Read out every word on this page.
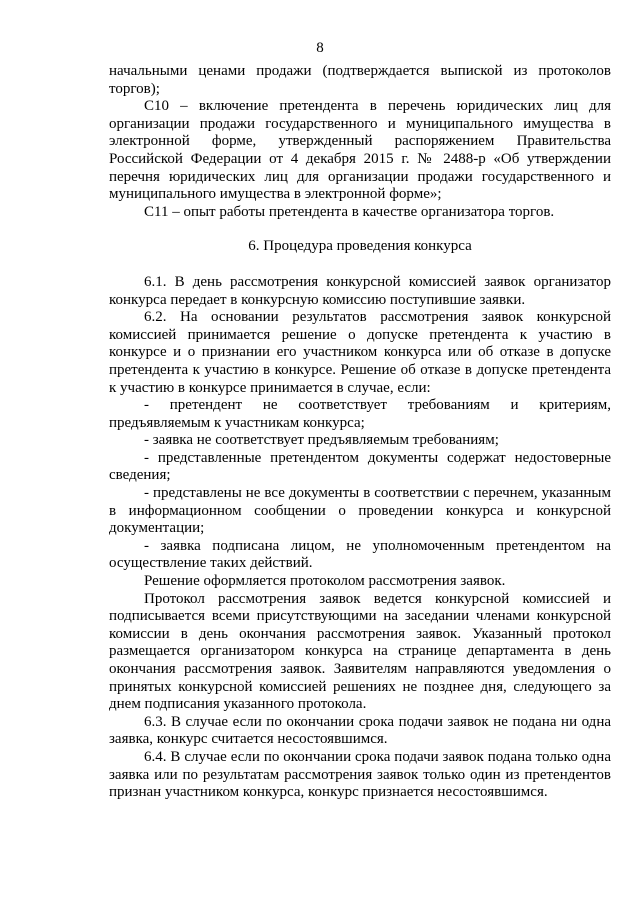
8

начальными ценами продажи (подтверждается выпиской из протоколов торгов);

С10 – включение претендента в перечень юридических лиц для организации продажи государственного и муниципального имущества в электронной форме, утвержденный распоряжением Правительства Российской Федерации от 4 декабря 2015 г. № 2488-р «Об утверждении перечня юридических лиц для организации продажи государственного и муниципального имущества в электронной форме»;

С11 – опыт работы претендента в качестве организатора торгов.

6. Процедура проведения конкурса

6.1. В день рассмотрения конкурсной комиссией заявок организатор конкурса передает в конкурсную комиссию поступившие заявки.

6.2. На основании результатов рассмотрения заявок конкурсной комиссией принимается решение о допуске претендента к участию в конкурсе и о признании его участником конкурса или об отказе в допуске претендента к участию в конкурсе. Решение об отказе в допуске претендента к участию в конкурсе принимается в случае, если:

- претендент не соответствует требованиям и критериям, предъявляемым к участникам конкурса;

- заявка не соответствует предъявляемым требованиям;

- представленные претендентом документы содержат недостоверные сведения;

- представлены не все документы в соответствии с перечнем, указанным в информационном сообщении о проведении конкурса и конкурсной документации;

- заявка подписана лицом, не уполномоченным претендентом на осуществление таких действий.

Решение оформляется протоколом рассмотрения заявок.

Протокол рассмотрения заявок ведется конкурсной комиссией и подписывается всеми присутствующими на заседании членами конкурсной комиссии в день окончания рассмотрения заявок. Указанный протокол размещается организатором конкурса на странице департамента в день окончания рассмотрения заявок. Заявителям направляются уведомления о принятых конкурсной комиссией решениях не позднее дня, следующего за днем подписания указанного протокола.

6.3. В случае если по окончании срока подачи заявок не подана ни одна заявка, конкурс считается несостоявшимся.

6.4. В случае если по окончании срока подачи заявок подана только одна заявка или по результатам рассмотрения заявок только один из претендентов признан участником конкурса, конкурс признается несостоявшимся.
